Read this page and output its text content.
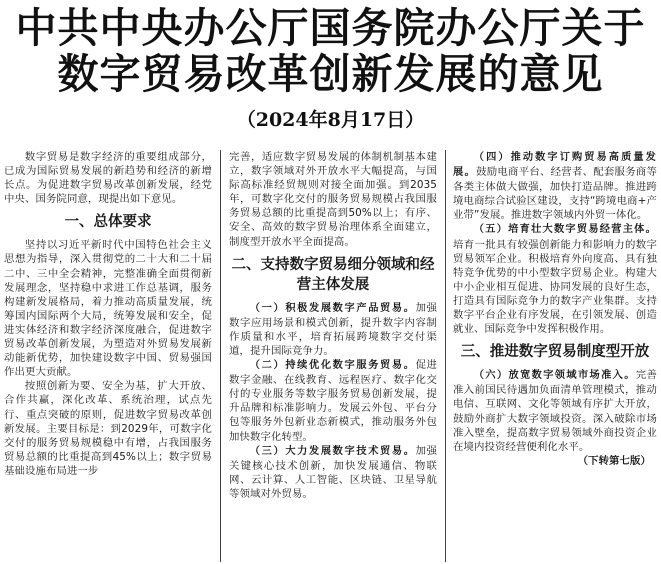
中共中央办公厅国务院办公厅关于
数字贸易改革创新发展的意见
（2024年8月17日）

数字贸易是数字经济的重要组成部分，已成为国际贸易发展的新趋势和经济的新增长点。为促进数字贸易改革创新发展，经党中央、国务院同意，现提出如下意见。

一、总体要求

坚持以习近平新时代中国特色社会主义思想为指导，深入贯彻党的二十大和二十届二中、三中全会精神，完整准确全面贯彻新发展理念，坚持稳中求进工作总基调，服务构建新发展格局，着力推动高质量发展，统筹国内国际两个大局，统筹发展和安全，促进实体经济和数字经济深度融合，促进数字贸易改革创新发展，为塑造对外贸易发展新动能新优势，加快建设数字中国、贸易强国作出更大贡献。

按照创新为要、安全为基，扩大开放、合作共赢，深化改革、系统治理，试点先行、重点突破的原则，促进数字贸易改革创新发展。主要目标是：到2029年，可数字化交付的服务贸易规模稳中有增，占我国服务贸易总额的比重提高到45%以上；数字贸易基础设施布局进一步

完善，适应数字贸易发展的体制机制基本建立，数字领域对外开放水平大幅提高，与国际高标准经贸规则对接全面加强。到2035年，可数字化交付的服务贸易规模占我国服务贸易总额的比重提高到50%以上；有序、安全、高效的数字贸易治理体系全面建立，制度型开放水平全面提高。

二、支持数字贸易细分领域和经营主体发展

（一）积极发展数字产品贸易。加强数字应用场景和模式创新，提升数字内容制作质量和水平，培育拓展跨境数字交付渠道，提升国际竞争力。

（二）持续优化数字服务贸易。促进数字金融、在线教育、远程医疗、数字化交付的专业服务等数字服务贸易创新发展，提升品牌和标准影响力。发展云外包、平台分包等服务外包新业态新模式，推动服务外包加快数字化转型。

（三）大力发展数字技术贸易。加强关键核心技术创新，加快发展通信、物联网、云计算、人工智能、区块链、卫星导航等领域对外贸易。

（四）推动数字订购贸易高质量发展。鼓励电商平台、经营者、配套服务商等各类主体做大做强，加快打造品牌。推进跨境电商综合试验区建设，支持“跨境电商+产业带”发展。推进数字领域内外贸一体化。

（五）培育壮大数字贸易经营主体。培育一批具有较强创新能力和影响力的数字贸易领军企业。积极培育外向度高、具有独特竞争优势的中小型数字贸易企业。构建大中小企业相互促进、协同发展的良好生态，打造具有国际竞争力的数字产业集群。支持数字平台企业有序发展，在引领发展、创造就业、国际竞争中发挥积极作用。

三、推进数字贸易制度型开放

（六）放宽数字领域市场准入。完善准入前国民待遇加负面清单管理模式，推动电信、互联网、文化等领域有序扩大开放，鼓励外商扩大数字领域投资。深入破除市场准入壁垒，提高数字贸易领域外商投资企业在境内投资经营便利化水平。
（下转第七版）
